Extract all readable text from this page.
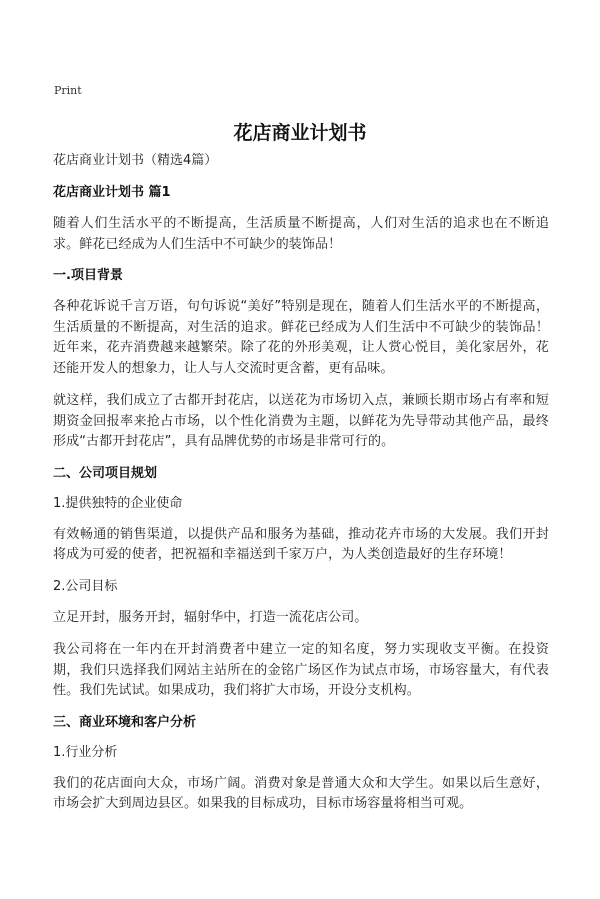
Print
花店商业计划书
花店商业计划书（精选4篇）
花店商业计划书 篇1

随着人们生活水平的不断提高，生活质量不断提高，人们对生活的追求也在不断追求。鲜花已经成为人们生活中不可缺少的装饰品！

一.项目背景

各种花诉说千言万语，句句诉说“美好”特别是现在，随着人们生活水平的不断提高，生活质量的不断提高，对生活的追求。鲜花已经成为人们生活中不可缺少的装饰品！近年来，花卉消费越来越繁荣。除了花的外形美观，让人赏心悦目，美化家居外，花还能开发人的想象力，让人与人交流时更含蓄，更有品味。

就这样，我们成立了古都开封花店，以送花为市场切入点，兼顾长期市场占有率和短期资金回报率来抢占市场，以个性化消费为主题，以鲜花为先导带动其他产品，最终形成“古都开封花店”，具有品牌优势的市场是非常可行的。

二、公司项目规划
1.提供独特的企业使命

有效畅通的销售渠道，以提供产品和服务为基础，推动花卉市场的大发展。我们开封将成为可爱的使者，把祝福和幸福送到千家万户，为人类创造最好的生存环境！

2.公司目标

立足开封，服务开封，辐射华中，打造一流花店公司。

我公司将在一年内在开封消费者中建立一定的知名度，努力实现收支平衡。在投资期，我们只选择我们网站主站所在的金铭广场区作为试点市场，市场容量大，有代表性。我们先试试。如果成功，我们将扩大市场，开设分支机构。

三、商业环境和客户分析
1.行业分析

我们的花店面向大众，市场广阔。消费对象是普通大众和大学生。如果以后生意好，市场会扩大到周边县区。如果我的目标成功，目标市场容量将相当可观。
